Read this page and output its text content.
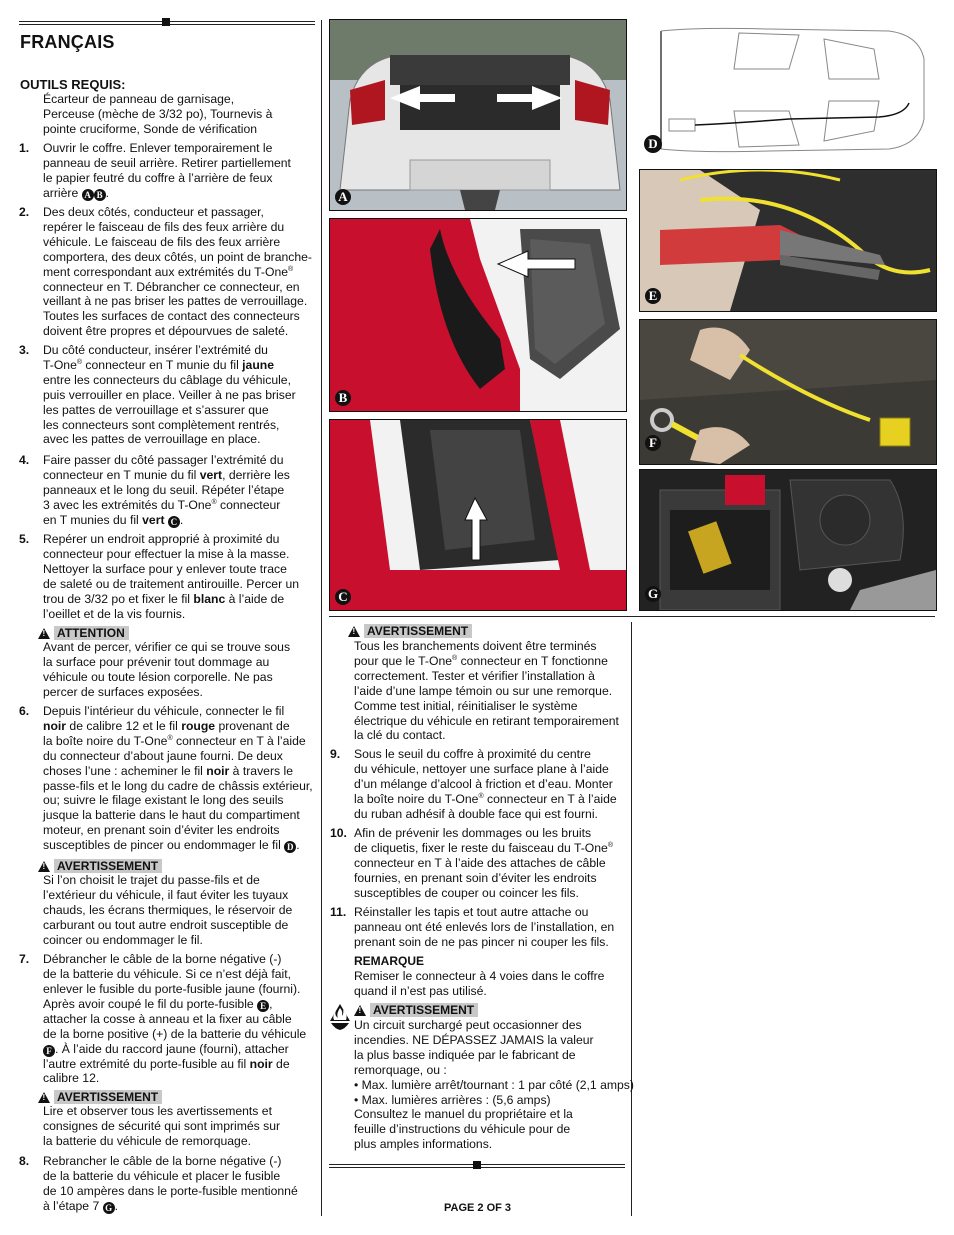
FRANÇAIS
OUTILS REQUIS:
Écarteur de panneau de garnisage,
Perceuse (mèche de 3/32 po), Tournevis à
pointe cruciforme, Sonde de vérification
1. Ouvrir le coffre. Enlever temporairement le
panneau de seuil arrière. Retirer partiellement
le papier feutré du coffre à l’arrière de feux
arrière A B .
2. Des deux côtés, conducteur et passager,
repérer le faisceau de fils des feux arrière du
véhicule. Le faisceau de fils des feux arrière
comportera, des deux côtés, un point de branche-
ment correspondant aux extrémités du T-One®
connecteur en T. Débrancher ce connecteur, en
veillant à ne pas briser les pattes de verrouillage.
Toutes les surfaces de contact des connecteurs
doivent être propres et dépourvues de saleté.
3. Du côté conducteur, insérer l’extrémité du
T-One® connecteur en T munie du fil jaune
entre les connecteurs du câblage du véhicule,
puis verrouiller en place. Veiller à ne pas briser
les pattes de verrouillage et s’assurer que
les connecteurs sont complètement rentrés,
avec les pattes de verrouillage en place.
4. Faire passer du côté passager l’extrémité du
connecteur en T munie du fil vert, derrière les
panneaux et le long du seuil. Répéter l’étape
3 avec les extrémités du T-One® connecteur
en T munies du fil vert C .
5. Repérer un endroit approprié à proximité du
connecteur pour effectuer la mise à la masse.
Nettoyer la surface pour y enlever toute trace
de saleté ou de traitement antirouille. Percer un
trou de 3/32 po et fixer le fil blanc à l’aide de
l’oeillet et de la vis fournis.
!
ATTENTION
Avant de percer, vérifier ce qui se trouve sous
la surface pour prévenir tout dommage au
véhicule ou toute lésion corporelle. Ne pas
percer de surfaces exposées.
6. Depuis l’intérieur du véhicule, connecter le fil
noir de calibre 12 et le fil rouge provenant de
la boîte noire du T-One® connecteur en T à l’aide
du connecteur d’about jaune fourni. De deux
choses l’une : acheminer le fil noir à travers le
passe-fils et le long du cadre de châssis extérieur,
ou; suivre le filage existant le long des seuils
jusque la batterie dans le haut du compartiment
moteur, en prenant soin d’éviter les endroits
susceptibles de pincer ou endommager le fil D .
!
AVERTISSEMENT
Si l’on choisit le trajet du passe-fils et de
l’extérieur du véhicule, il faut éviter les tuyaux
chauds, les écrans thermiques, le réservoir de
carburant ou tout autre endroit susceptible de
coincer ou endommager le fil.
7. Débrancher le câble de la borne négative (-)
de la batterie du véhicule. Si ce n’est déjà fait,
enlever le fusible du porte-fusible jaune (fourni).
Après avoir coupé le fil du porte-fusible E ,
attacher la cosse à anneau et la fixer au câble
de la borne positive (+) de la batterie du véhicule
F . À l’aide du raccord jaune (fourni), attacher
l’autre extrémité du porte-fusible au fil noir de
calibre 12.
!
AVERTISSEMENT
Lire et observer tous les avertissements et
consignes de sécurité qui sont imprimés sur
la batterie du véhicule de remorquage.
8. Rebrancher le câble de la borne négative (-)
de la batterie du véhicule et placer le fusible
de 10 ampères dans le porte-fusible mentionné
à l’étape 7 G .
A
B
C
D
E
F
G
!
AVERTISSEMENT
Tous les branchements doivent être terminés
pour que le T-One® connecteur en T fonctionne
correctement. Tester et vérifier l’installation à
l’aide d’une lampe témoin ou sur une remorque.
Comme test initial, réinitialiser le système
électrique du véhicule en retirant temporairement
la clé du contact.
9. Sous le seuil du coffre à proximité du centre
du véhicule, nettoyer une surface plane à l’aide
d’un mélange d’alcool à friction et d’eau. Monter
la boîte noire du T-One® connecteur en T à l’aide
du ruban adhésif à double face qui est fourni.
10. Afin de prévenir les dommages ou les bruits
de cliquetis, fixer le reste du faisceau du T-One®
connecteur en T à l’aide des attaches de câble
fournies, en prenant soin d’éviter les endroits
susceptibles de couper ou coincer les fils.
11. Réinstaller les tapis et tout autre attache ou
panneau ont été enlevés lors de l’installation, en
prenant soin de ne pas pincer ni couper les fils.
REMARQUE
Remiser le connecteur à 4 voies dans le coffre
quand il n’est pas utilisé.
!
AVERTISSEMENT
Un circuit surchargé peut occasionner des
incendies. NE DÉPASSEZ JAMAIS la valeur
la plus basse indiquée par le fabricant de
remorquage, ou :
• Max. lumière arrêt/tournant : 1 par côté (2,1 amps)
• Max. lumières arrières : (5,6 amps)
Consultez le manuel du propriétaire et la
feuille d’instructions du véhicule pour de
plus amples informations.
PAGE 2 OF 3
